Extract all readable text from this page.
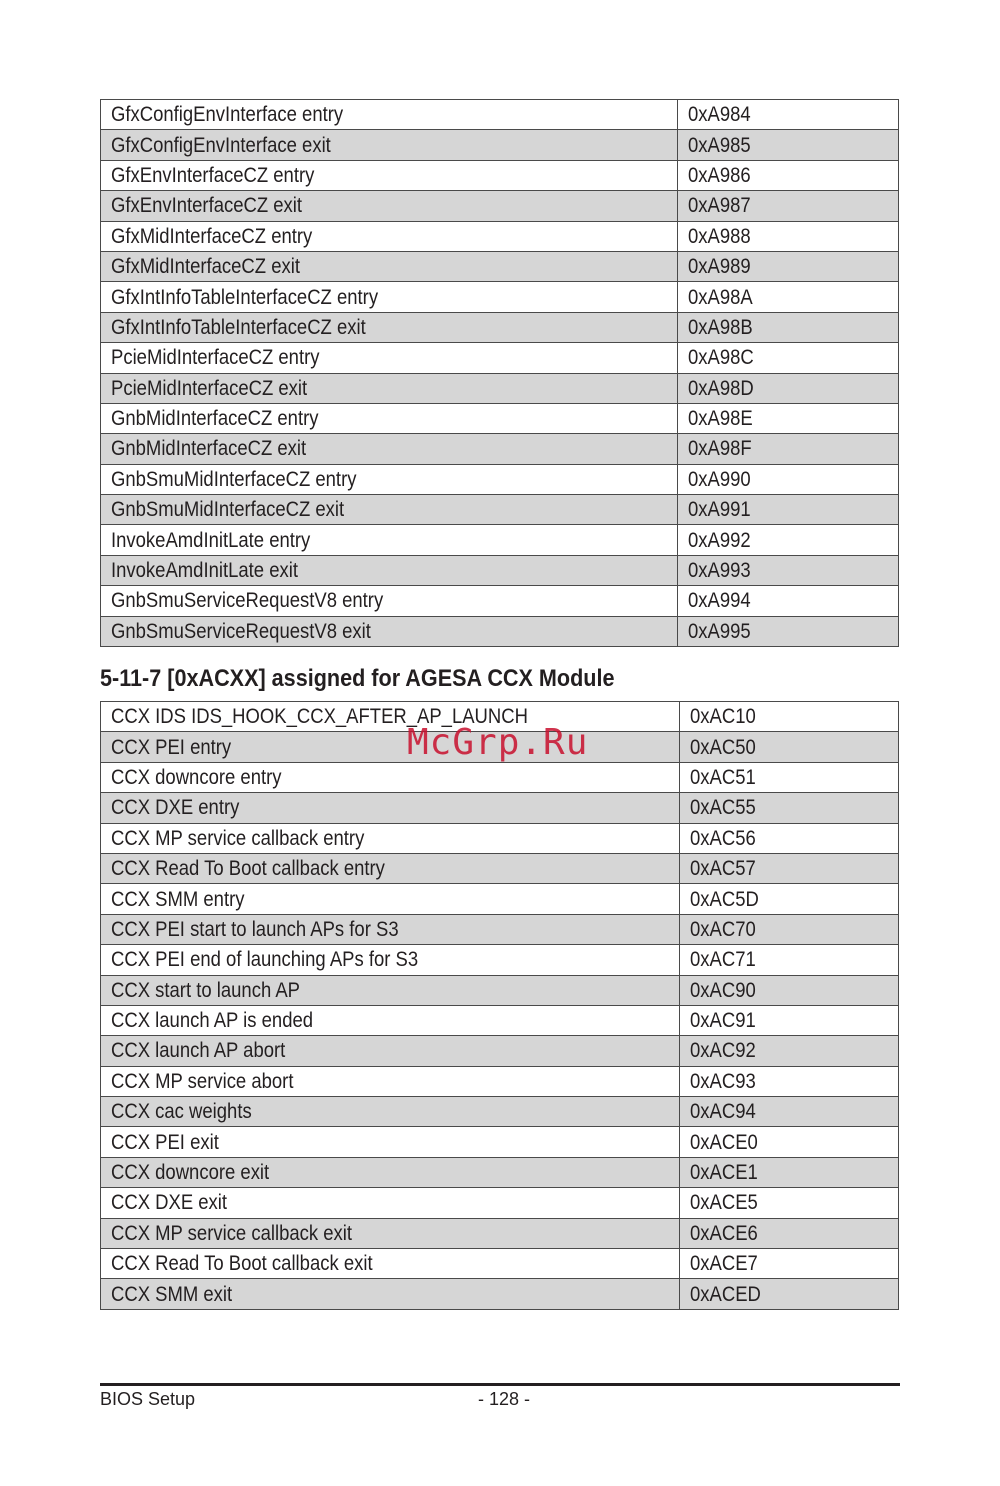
GfxConfigEnvInterface entry	0xA984
GfxConfigEnvInterface exit	0xA985
GfxEnvInterfaceCZ entry	0xA986
GfxEnvInterfaceCZ exit	0xA987
GfxMidInterfaceCZ entry	0xA988
GfxMidInterfaceCZ exit	0xA989
GfxIntInfoTableInterfaceCZ entry	0xA98A
GfxIntInfoTableInterfaceCZ exit	0xA98B
PcieMidInterfaceCZ entry	0xA98C
PcieMidInterfaceCZ exit	0xA98D
GnbMidInterfaceCZ entry	0xA98E
GnbMidInterfaceCZ exit	0xA98F
GnbSmuMidInterfaceCZ entry	0xA990
GnbSmuMidInterfaceCZ exit	0xA991
InvokeAmdInitLate entry	0xA992
InvokeAmdInitLate exit	0xA993
GnbSmuServiceRequestV8 entry	0xA994
GnbSmuServiceRequestV8 exit	0xA995
5-11-7 [0xACXX] assigned for AGESA CCX Module
CCX IDS IDS_HOOK_CCX_AFTER_AP_LAUNCH	0xAC10
CCX PEI entry	0xAC50
CCX downcore entry	0xAC51
CCX DXE entry	0xAC55
CCX MP service callback entry	0xAC56
CCX Read To Boot callback entry	0xAC57
CCX SMM entry	0xAC5D
CCX PEI start to launch APs for S3	0xAC70
CCX PEI end of launching APs for S3	0xAC71
CCX start to launch AP	0xAC90
CCX launch AP is ended	0xAC91
CCX launch AP abort	0xAC92
CCX MP service abort	0xAC93
CCX cac weights	0xAC94
CCX PEI exit	0xACE0
CCX downcore exit	0xACE1
CCX DXE exit	0xACE5
CCX MP service callback exit	0xACE6
CCX Read To Boot callback exit	0xACE7
CCX SMM exit	0xACED
McGrp.Ru
BIOS Setup	- 128 -
